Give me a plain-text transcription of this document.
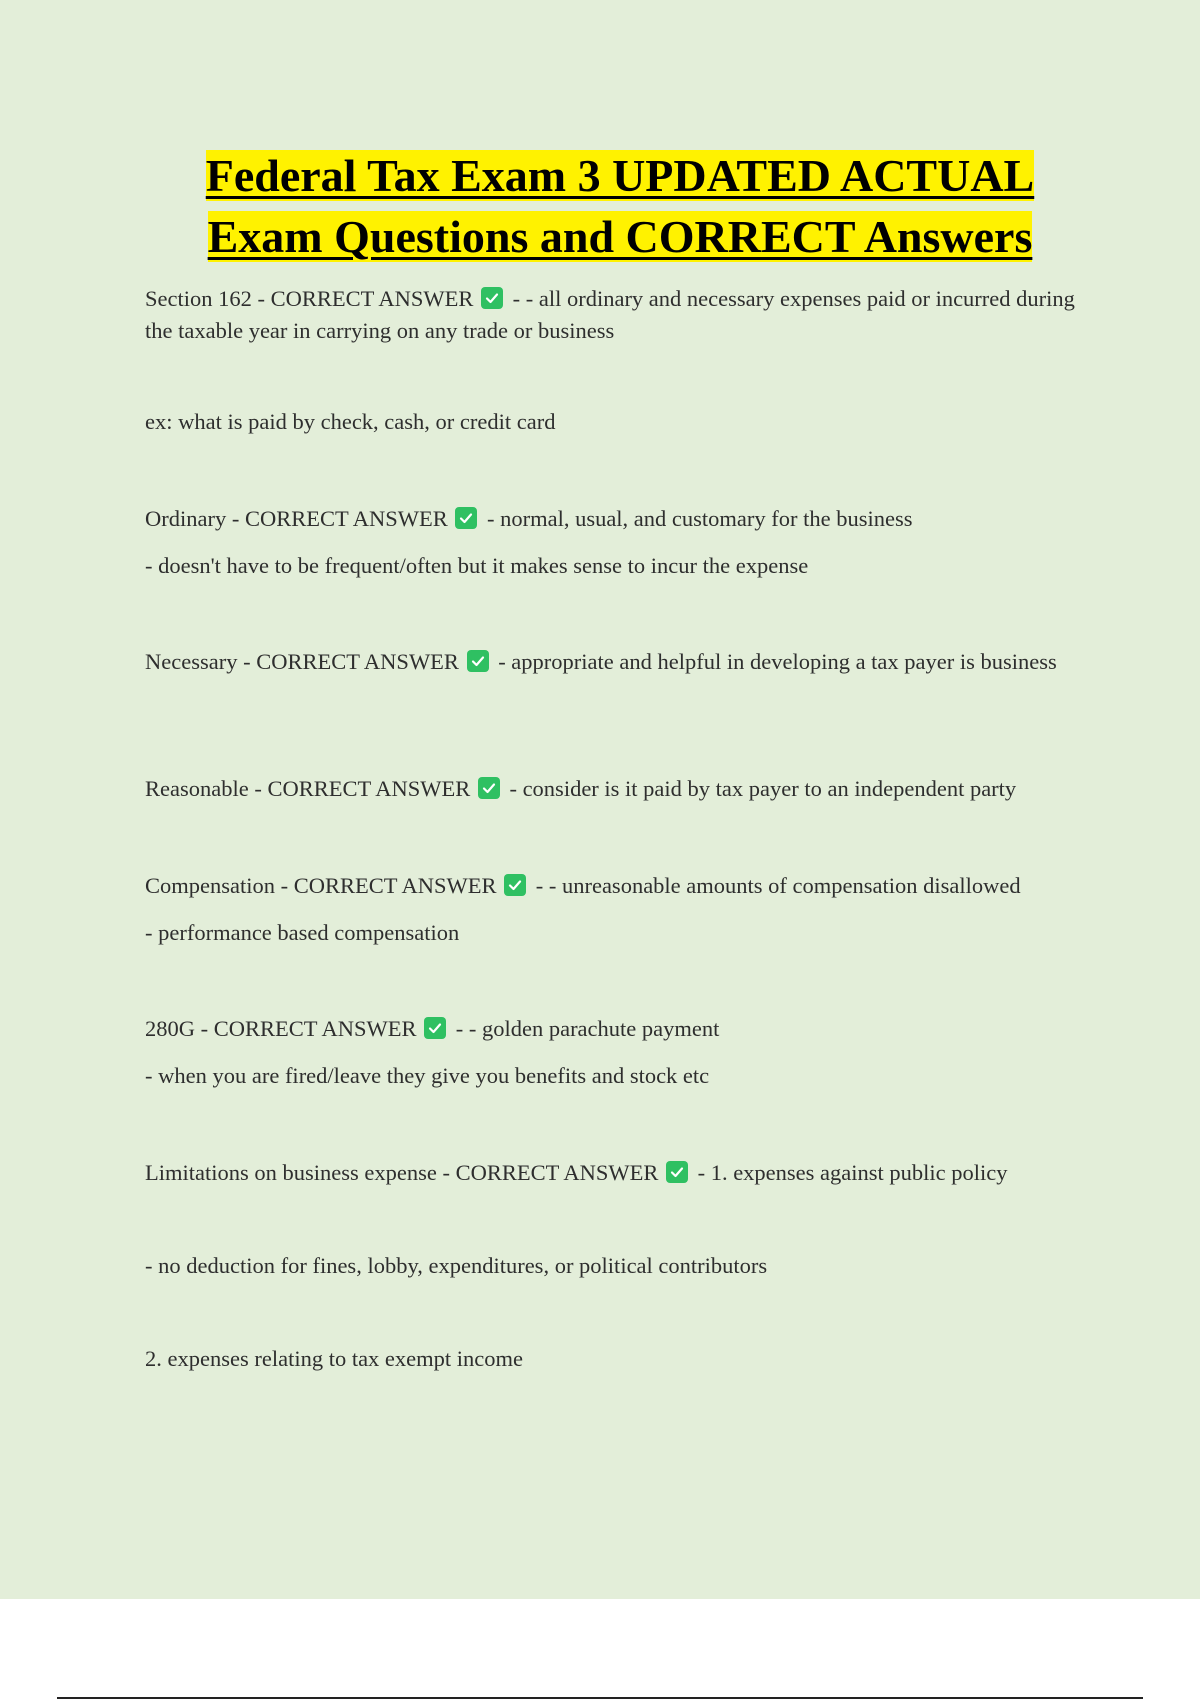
Federal Tax Exam 3 UPDATED ACTUAL
Exam Questions and CORRECT Answers
Section 162 - CORRECT ANSWER - - all ordinary and necessary expenses paid or incurred during the taxable year in carrying on any trade or business
ex: what is paid by check, cash, or credit card
Ordinary - CORRECT ANSWER - normal, usual, and customary for the business
- doesn't have to be frequent/often but it makes sense to incur the expense
Necessary - CORRECT ANSWER - appropriate and helpful in developing a tax payer is business
Reasonable - CORRECT ANSWER - consider is it paid by tax payer to an independent party
Compensation - CORRECT ANSWER - - unreasonable amounts of compensation disallowed
- performance based compensation
280G - CORRECT ANSWER - - golden parachute payment
- when you are fired/leave they give you benefits and stock etc
Limitations on business expense - CORRECT ANSWER - 1. expenses against public policy
- no deduction for fines, lobby, expenditures, or political contributors
2. expenses relating to tax exempt income
